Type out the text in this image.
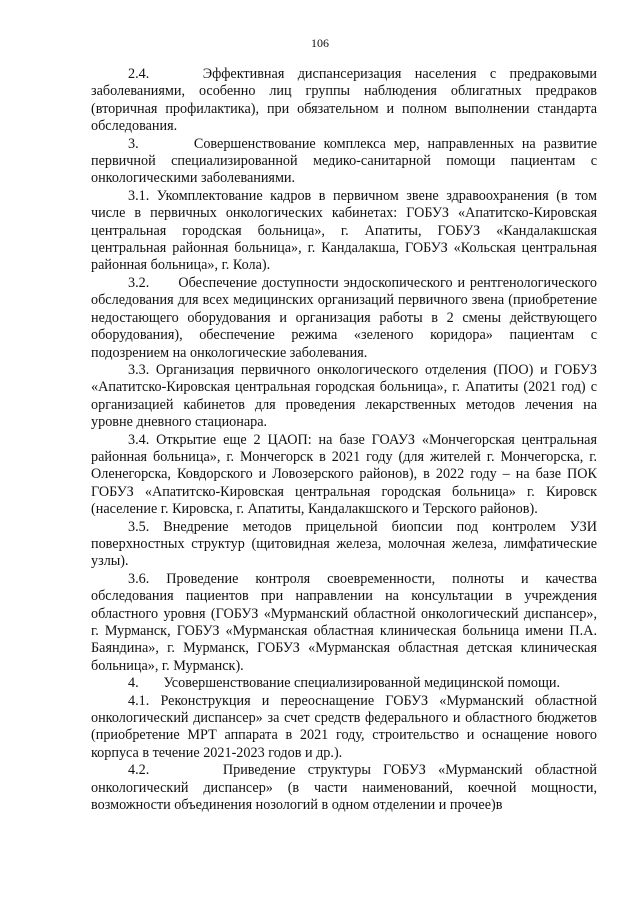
106

2.4.    Эффективная диспансеризация населения с предраковыми заболеваниями, особенно лиц группы наблюдения облигатных предраков (вторичная профилактика), при обязательном и полном выполнении стандарта обследования.

3.       Совершенствование комплекса мер, направленных на развитие первичной специализированной медико-санитарной помощи пациентам с онкологическими заболеваниями.

3.1. Укомплектование кадров в первичном звене здравоохранения (в том числе в первичных онкологических кабинетах: ГОБУЗ «Апатитско-Кировская центральная городская больница», г. Апатиты, ГОБУЗ «Кандалакшская центральная районная больница», г. Кандалакша, ГОБУЗ «Кольская центральная районная больница», г. Кола).

3.2.      Обеспечение доступности эндоскопического и рентгенологического обследования для всех медицинских организаций первичного звена (приобретение недостающего оборудования и организация работы в 2 смены действующего оборудования), обеспечение режима «зеленого коридора» пациентам с подозрением на онкологические заболевания.

3.3. Организация первичного онкологического отделения (ПОО) и ГОБУЗ «Апатитско-Кировская центральная городская больница», г. Апатиты (2021 год) с организацией кабинетов для проведения лекарственных методов лечения на уровне дневного стационара.

3.4. Открытие еще 2 ЦАОП: на базе ГОАУЗ «Мончегорская центральная районная больница», г. Мончегорск в 2021 году (для жителей г. Мончегорска, г. Оленегорска, Ковдорского и Ловозерского районов), в 2022 году – на базе ПОК ГОБУЗ «Апатитско-Кировская центральная городская больница» г. Кировск (население г. Кировска, г. Апатиты, Кандалакшского и Терского районов).

3.5. Внедрение методов прицельной биопсии под контролем УЗИ поверхностных структур (щитовидная железа, молочная железа, лимфатические узлы).

3.6. Проведение контроля своевременности, полноты и качества обследования пациентов при направлении на консультации в учреждения областного уровня (ГОБУЗ «Мурманский областной онкологический диспансер», г. Мурманск, ГОБУЗ «Мурманская областная клиническая больница имени П.А. Баяндина», г. Мурманск, ГОБУЗ «Мурманская областная детская клиническая больница», г. Мурманск).

4.       Усовершенствование специализированной медицинской помощи.

4.1. Реконструкция и переоснащение ГОБУЗ «Мурманский областной онкологический диспансер» за счет средств федерального и областного бюджетов (приобретение МРТ аппарата в 2021 году, строительство и оснащение нового корпуса в течение 2021-2023 годов и др.).

4.2.      Приведение структуры ГОБУЗ «Мурманский областной онкологический диспансер» (в части наименований, коечной мощности, возможности объединения нозологий в одном отделении и прочее)в
